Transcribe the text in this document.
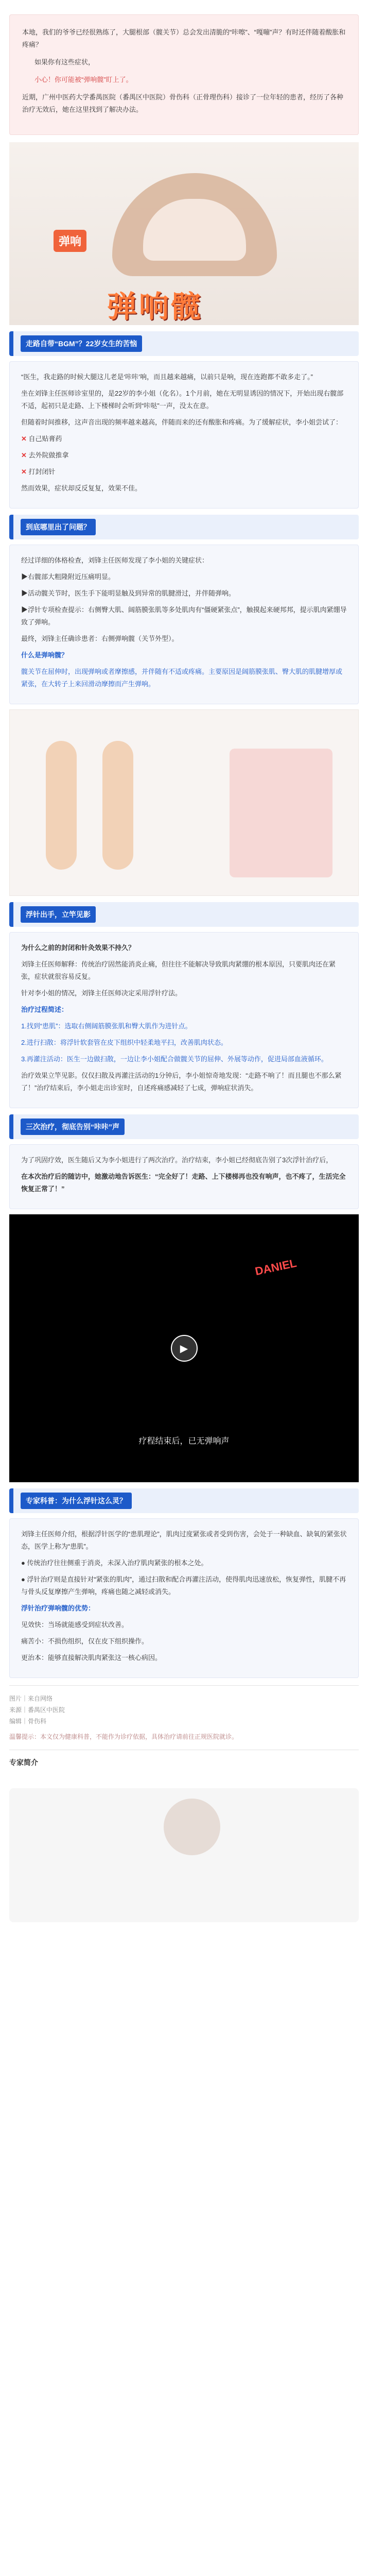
本地，我们的爷爷已经很熟练了，大腿根部（髋关节）总会发出清脆的“咔嚓”、“嘎嘣”声？有时还伴随着酸胀和疼痛？

如果你有这些症状，

小心！你可能被“弹响髋”盯上了。

近期，广州中医药大学番禺医院（番禺区中医院）骨伤科（正骨理伤科）接诊了一位年轻的患者，经历了各种治疗无效后，她在这里找到了解决办法。

弹响
弹响髋
走路自带“BGM”？22岁女生的苦恼

“医生，我走路的时候大腿这儿老是‘咔咔’响，而且越来越痛，以前只是响，现在连跑都不敢多走了。”

坐在刘锋主任医师诊室里的，是22岁的李小姐（化名）。1个月前，她在无明显诱因的情况下，开始出现右髋部不适，起初只是走路、上下楼梯时会听到“咔哒”一声，没太在意。

但随着时间推移，这声音出现的频率越来越高，伴随而来的还有酸胀和疼痛。为了缓解症状，李小姐尝试了：

✕ 自己贴膏药

✕ 去外院做推拿

✕ 打封闭针

然而效果，症状却反反复复，效果不佳。

到底哪里出了问题？

经过详细的体格检查，刘锋主任医师发现了李小姐的关键症状：

▶右髋部大粗隆附近压痛明显。

▶活动髋关节时，医生手下能明显触及到异常的肌腱滑过，并伴随弹响。

▶浮针专项检查提示：右侧臀大肌、阔筋膜张肌等多处肌肉有“僵硬紧张点”，触摸起来硬邦邦，提示肌肉紧绷导致了弹响。

最终，刘锋主任确诊患者：右侧弹响髋（关节外型）。

什么是弹响髋？

髋关节在屈伸时，出现弹响或者摩擦感，并伴随有不适或疼痛。主要原因是阔筋膜张肌、臀大肌的肌腱增厚或紧张，在大转子上来回滑动摩擦而产生弹响。

浮针出手，立竿见影

为什么之前的封闭和针灸效果不持久？

刘锋主任医师解释：传统治疗固然能消炎止痛，但往往不能解决导致肌肉紧绷的根本原因，只要肌肉还在紧张，症状就很容易反复。

针对李小姐的情况，刘锋主任医师决定采用浮针疗法。

治疗过程简述：

1.找到“患肌”：选取右侧阔筋膜张肌和臀大肌作为进针点。

2.进行扫散：将浮针软套管在皮下组织中轻柔地平扫，改善肌肉状态。

3.再灌注活动：医生一边做扫散，一边让李小姐配合做髋关节的屈伸、外展等动作，促进局部血液循环。

治疗效果立竿见影。仅仅扫散及再灌注活动的1分钟后，李小姐惊奇地发现：“走路不响了！而且腿也不那么紧了！”治疗结束后，李小姐走出诊室时，自述疼痛感减轻了七成，弹响症状消失。

三次治疗，彻底告别“咔咔”声

为了巩固疗效，医生随后又为李小姐进行了两次治疗。治疗结束，李小姐已经彻底告别了3次浮针治疗后，

在本次治疗后的随访中，她激动地告诉医生：“完全好了！走路、上下楼梯再也没有响声，也不疼了，生活完全恢复正常了！”

DANIEL
▶
疗程结束后，已无弹响声
专家科普：为什么浮针这么灵？

刘锋主任医师介绍，根据浮针医学的“患肌理论”，肌肉过度紧张或者受到伤害，会处于一种缺血、缺氧的紧张状态，医学上称为“患肌”。

● 传统治疗往往侧重于消炎，未深入治疗肌肉紧张的根本之处。

● 浮针治疗则是直接针对“紧张的肌肉”，通过扫散和配合再灌注活动，使得肌肉迅速放松，恢复弹性，肌腱不再与骨头反复摩擦产生弹响，疼痛也随之减轻或消失。

浮针治疗弹响髋的优势：

见效快：当场就能感受到症状改善。

痛苦小：不损伤组织，仅在皮下组织操作。

更治本：能够直接解决肌肉紧张这一核心病因。

图片｜来自网络
来源｜番禺区中医院
编辑｜骨伤科
温馨提示：本文仅为健康科普，不能作为诊疗依据，具体治疗请前往正规医院就诊。
专家简介
